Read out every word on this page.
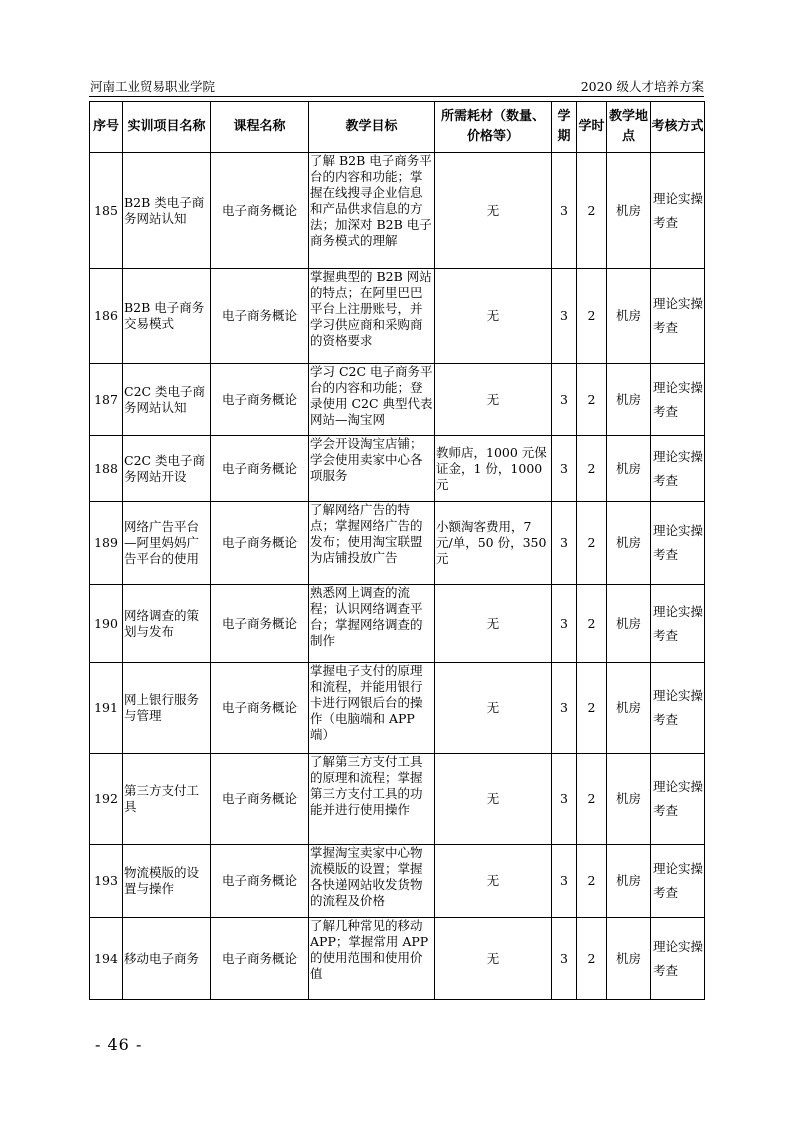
河南工业贸易职业学院	2020 级人才培养方案
序号	实训项目名称	课程名称	教学目标	所需耗材（数量、价格等）	学期	学时	教学地点	考核方式
185	B2B 类电子商务网站认知	电子商务概论	了解 B2B 电子商务平台的内容和功能；掌握在线搜寻企业信息和产品供求信息的方法；加深对 B2B 电子商务模式的理解	无	3	2	机房	理论实操考查
186	B2B 电子商务交易模式	电子商务概论	掌握典型的 B2B 网站的特点；在阿里巴巴平台上注册账号，并学习供应商和采购商的资格要求	无	3	2	机房	理论实操考查
187	C2C 类电子商务网站认知	电子商务概论	学习 C2C 电子商务平台的内容和功能；登录使用 C2C 典型代表网站—淘宝网	无	3	2	机房	理论实操考查
188	C2C 类电子商务网站开设	电子商务概论	学会开设淘宝店铺；学会使用卖家中心各项服务	教师店，1000 元保证金，1 份，1000 元	3	2	机房	理论实操考查
189	网络广告平台—阿里妈妈广告平台的使用	电子商务概论	了解网络广告的特点；掌握网络广告的发布；使用淘宝联盟为店铺投放广告	小额淘客费用，7 元/单，50 份，350 元	3	2	机房	理论实操考查
190	网络调查的策划与发布	电子商务概论	熟悉网上调查的流程；认识网络调查平台；掌握网络调查的制作	无	3	2	机房	理论实操考查
191	网上银行服务与管理	电子商务概论	掌握电子支付的原理和流程，并能用银行卡进行网银后台的操作（电脑端和 APP 端）	无	3	2	机房	理论实操考查
192	第三方支付工具	电子商务概论	了解第三方支付工具的原理和流程；掌握第三方支付工具的功能并进行使用操作	无	3	2	机房	理论实操考查
193	物流模版的设置与操作	电子商务概论	掌握淘宝卖家中心物流模版的设置；掌握各快递网站收发货物的流程及价格	无	3	2	机房	理论实操考查
194	移动电子商务	电子商务概论	了解几种常见的移动 APP；掌握常用 APP 的使用范围和使用价值	无	3	2	机房	理论实操考查
- 46 -
